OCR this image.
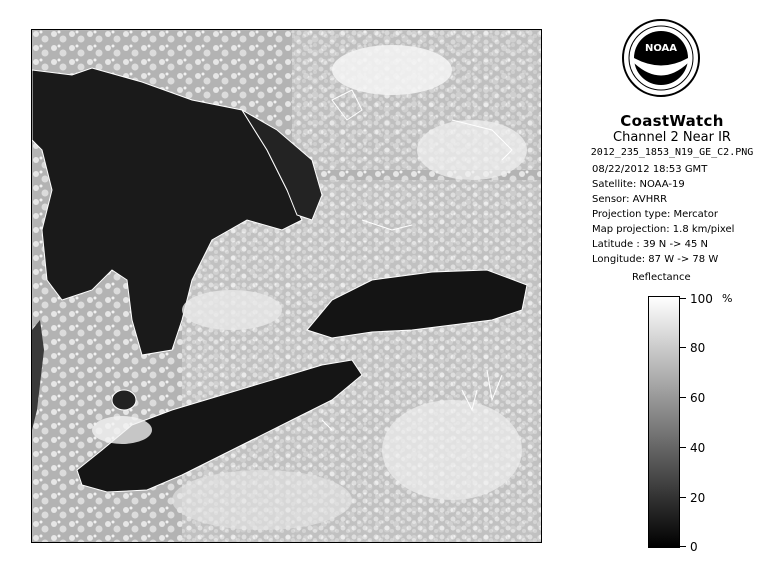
NOAA
CoastWatch
Channel 2 Near IR
2012_235_1853_N19_GE_C2.PNG
08/22/2012 18:53 GMT
Satellite: NOAA-19
Sensor: AVHRR
Projection type: Mercator
Map projection: 1.8 km/pixel
Latitude : 39 N -> 45 N
Longitude: 87 W -> 78 W
Reflectance
%
100
80
60
40
20
0
